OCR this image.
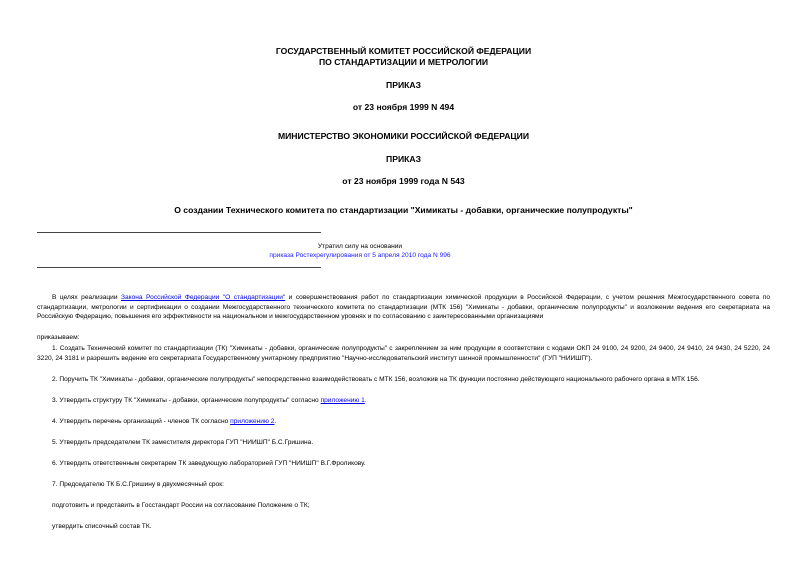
ГОСУДАРСТВЕННЫЙ КОМИТЕТ РОССИЙСКОЙ ФЕДЕРАЦИИ
ПО СТАНДАРТИЗАЦИИ И МЕТРОЛОГИИ
ПРИКАЗ
от 23 ноября 1999 N 494
МИНИСТЕРСТВО ЭКОНОМИКИ РОССИЙСКОЙ ФЕДЕРАЦИИ
ПРИКАЗ
от 23 ноября 1999 года N 543
О создании Технического комитета по стандартизации "Химикаты - добавки, органические полупродукты"
Утратил силу на основании
приказа Ростехрегулирования от 5 апреля 2010 года N 996

В целях реализации Закона Российской Федерации "О стандартизации" и совершенствования работ по стандартизации химической продукции в Российской Федерации, с учетом решения Межгосударственного совета по стандартизации, метрологии и сертификации о создании Межгосударственного технического комитета по стандартизации (МТК 156) "Химикаты - добавки, органические полупродукты" и возложении ведения его секретариата на Российскую Федерацию, повышения его эффективности на национальном и межгосударственном уровнях и по согласованию с заинтересованными организациями

приказываем:

1. Создать Технический комитет по стандартизации (ТК) "Химикаты - добавки, органические полупродукты" с закреплением за ним продукции в соответствии с кодами ОКП 24 9100, 24 9200, 24 9400, 24 9410, 24 9430, 24 5220, 24 3220, 24 3181 и разрешить ведение его секретариата Государственному унитарному предприятию "Научно-исследовательский институт шинной промышленности" (ГУП "НИИШП").

2. Поручить ТК "Химикаты - добавки, органические полупродукты" непосредственно взаимодействовать с МТК 156, возложив на ТК функции постоянно действующего национального рабочего органа в МТК 156.

3. Утвердить структуру ТК "Химикаты - добавки, органические полупродукты" согласно приложению 1.

4. Утвердить перечень организаций - членов ТК согласно приложению 2.

5. Утвердить председателем ТК заместителя директора ГУП "НИИШП" Б.С.Гришина.

6. Утвердить ответственным секретарем ТК заведующую лабораторией ГУП "НИИШП" В.Г.Фроликову.

7. Председателю ТК Б.С.Гришину в двухмесячный срок:

подготовить и представить в Госстандарт России на согласование Положение о ТК;

утвердить списочный состав ТК.
